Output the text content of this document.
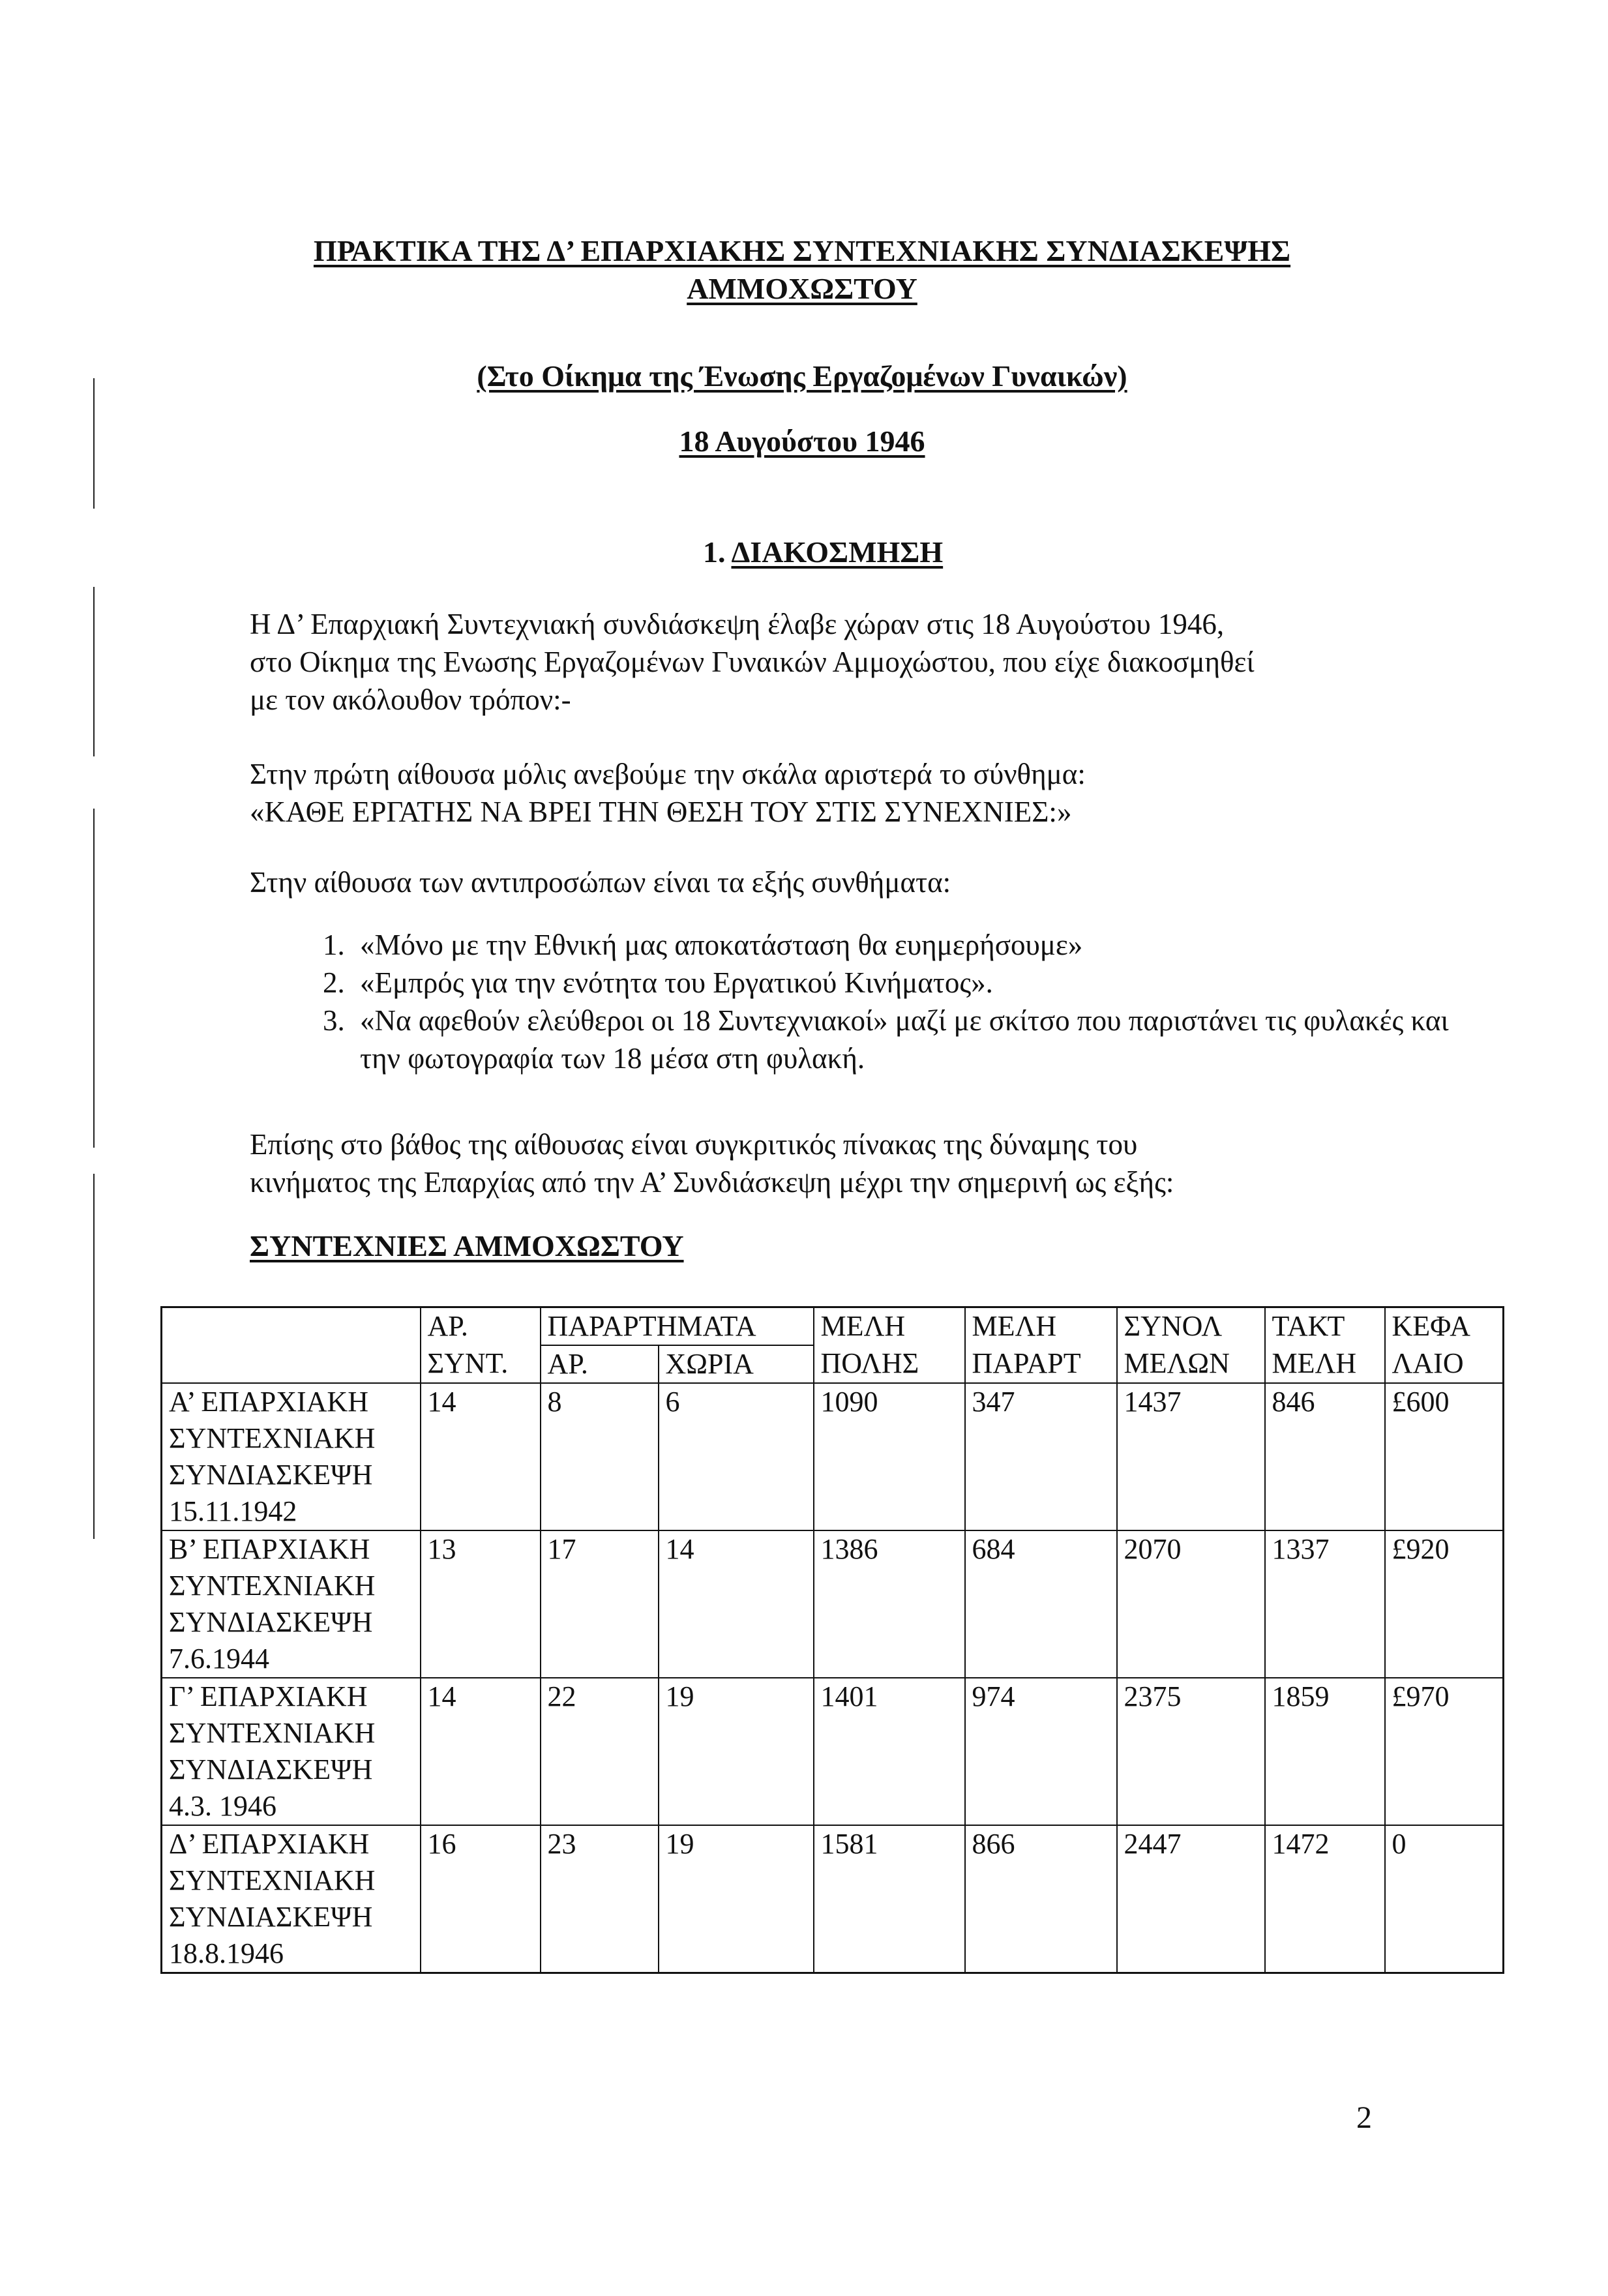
ΠΡΑΚΤΙΚΑ ΤΗΣ Δ’ ΕΠΑΡΧΙΑΚΗΣ ΣΥΝΤΕΧΝΙΑΚΗΣ ΣΥΝΔΙΑΣΚΕΨΗΣ
ΑΜΜΟΧΩΣΤΟΥ
(Στο Οίκημα της Ένωσης Εργαζομένων Γυναικών)
18 Αυγούστου 1946
1. ΔΙΑΚΟΣΜΗΣΗ
Η Δ’ Επαρχιακή Συντεχνιακή συνδιάσκεψη έλαβε χώραν στις 18 Αυγούστου 1946,
στο Οίκημα της Ενωσης Εργαζομένων Γυναικών Αμμοχώστου, που είχε διακοσμηθεί
με τον ακόλουθον τρόπον:-
Στην πρώτη αίθουσα μόλις ανεβούμε την σκάλα αριστερά το σύνθημα:
«ΚΑΘΕ ΕΡΓΑΤΗΣ ΝΑ ΒΡΕΙ ΤΗΝ ΘΕΣΗ ΤΟΥ ΣΤΙΣ ΣΥΝΕΧΝΙΕΣ:»
Στην αίθουσα των αντιπροσώπων είναι τα εξής συνθήματα:
1. «Μόνο με την Εθνική μας αποκατάσταση θα ευημερήσουμε»
2. «Εμπρός για την ενότητα του Εργατικού Κινήματος».
3. «Να αφεθούν ελεύθεροι οι 18 Συντεχνιακοί» μαζί με σκίτσο που παριστάνει τις φυλακές και την φωτογραφία των 18 μέσα στη φυλακή.
Επίσης στο βάθος της αίθουσας είναι συγκριτικός πίνακας της δύναμης του
κινήματος της Επαρχίας από την Α’ Συνδιάσκεψη μέχρι την σημερινή ως εξής:
ΣΥΝΤΕΧΝΙΕΣ ΑΜΜΟΧΩΣΤΟΥ
	ΑΡ.	ΠΑΡΑΡΤΗΜΑΤΑ		ΜΕΛΗ	ΜΕΛΗ	ΣΥΝΟΛ	ΤΑΚΤ	ΚΕΦΑ
	ΣΥΝΤ.	ΑΡ.	ΧΩΡΙΑ	ΠΟΛΗΣ	ΠΑΡΑΡΤ	ΜΕΛΩΝ	ΜΕΛΗ	ΛΑΙΟ

Α’ ΕΠΑΡΧΙΑΚΗ
ΣΥΝΤΕΧΝΙΑΚΗ
ΣΥΝΔΙΑΣΚΕΨΗ
15.11.1942	14	8	6	1090	347	1437	846	£600

Β’ ΕΠΑΡΧΙΑΚΗ
ΣΥΝΤΕΧΝΙΑΚΗ
ΣΥΝΔΙΑΣΚΕΨΗ
7.6.1944	13	17	14	1386	684	2070	1337	£920

Γ’ ΕΠΑΡΧΙΑΚΗ
ΣΥΝΤΕΧΝΙΑΚΗ
ΣΥΝΔΙΑΣΚΕΨΗ
4.3. 1946	14	22	19	1401	974	2375	1859	£970

Δ’ ΕΠΑΡΧΙΑΚΗ
ΣΥΝΤΕΧΝΙΑΚΗ
ΣΥΝΔΙΑΣΚΕΨΗ
18.8.1946	16	23	19	1581	866	2447	1472	0
2
